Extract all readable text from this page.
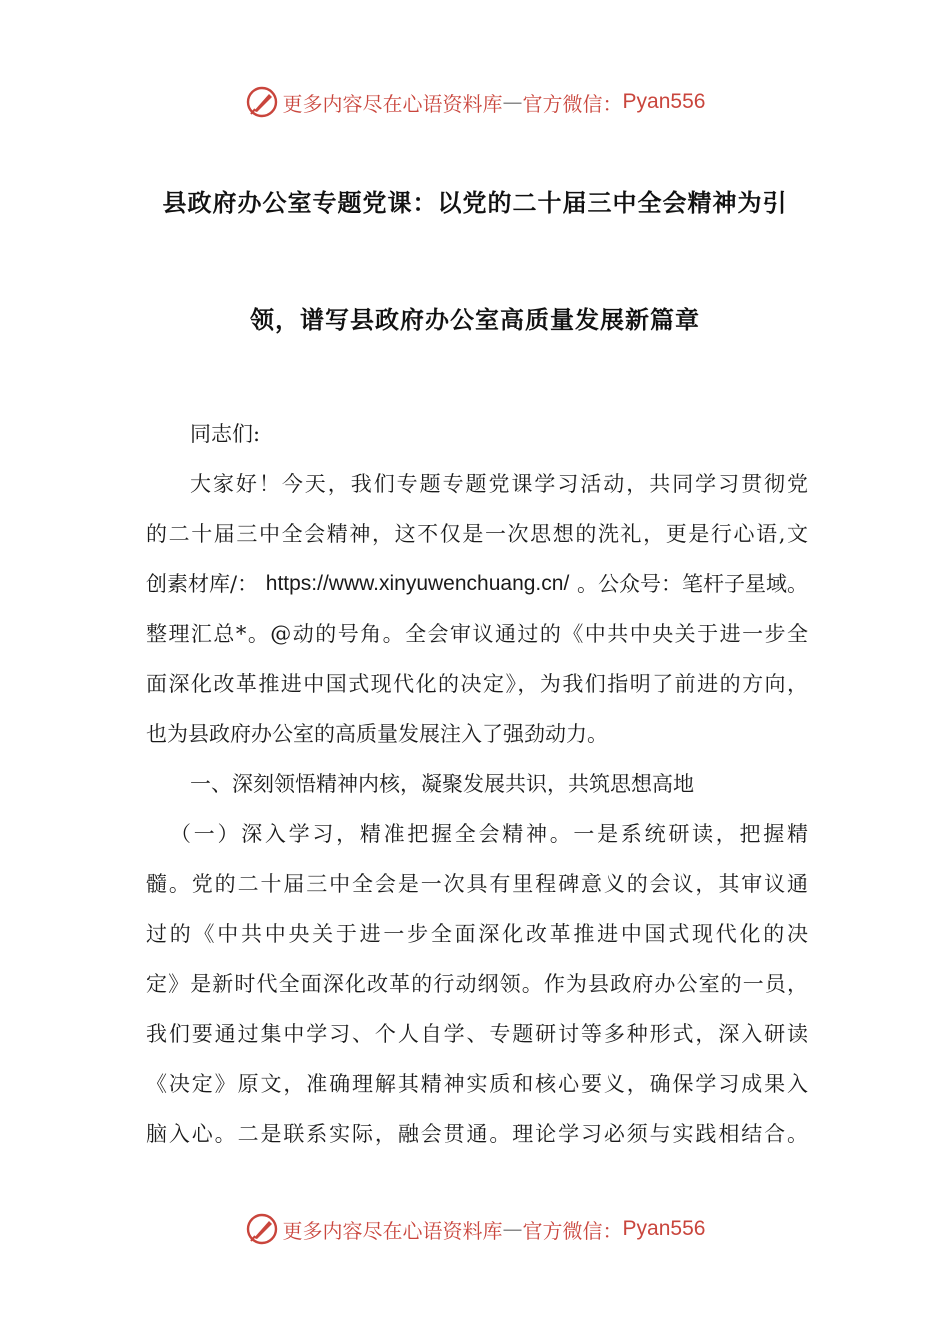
更多内容尽在心语资料库 — 官方微信： Pyan556
县政府办公室专题党课：以党的二十届三中全会精神为引
领，谱写县政府办公室高质量发展新篇章
同志们:
大家好！今天，我们专题专题党课学习活动，共同学习贯彻党
的二十届三中全会精神，这不仅是一次思想的洗礼，更是行心语,文
创素材库/： https://www.xinyuwenchuang.cn/ 。公众号：笔杆子星域。
整理汇总*。@动的号角。全会审议通过的《中共中央关于进一步全
面深化改革推进中国式现代化的决定》，为我们指明了前进的方向，
也为县政府办公室的高质量发展注入了强劲动力。
一、深刻领悟精神内核，凝聚发展共识，共筑思想高地
（一）深入学习，精准把握全会精神。一是系统研读，把握精
髓。党的二十届三中全会是一次具有里程碑意义的会议，其审议通
过的《中共中央关于进一步全面深化改革推进中国式现代化的决
定》是新时代全面深化改革的行动纲领。作为县政府办公室的一员，
我们要通过集中学习、个人自学、专题研讨等多种形式，深入研读
《决定》原文，准确理解其精神实质和核心要义，确保学习成果入
脑入心。二是联系实际，融会贯通。理论学习必须与实践相结合。
更多内容尽在心语资料库 — 官方微信： Pyan556
